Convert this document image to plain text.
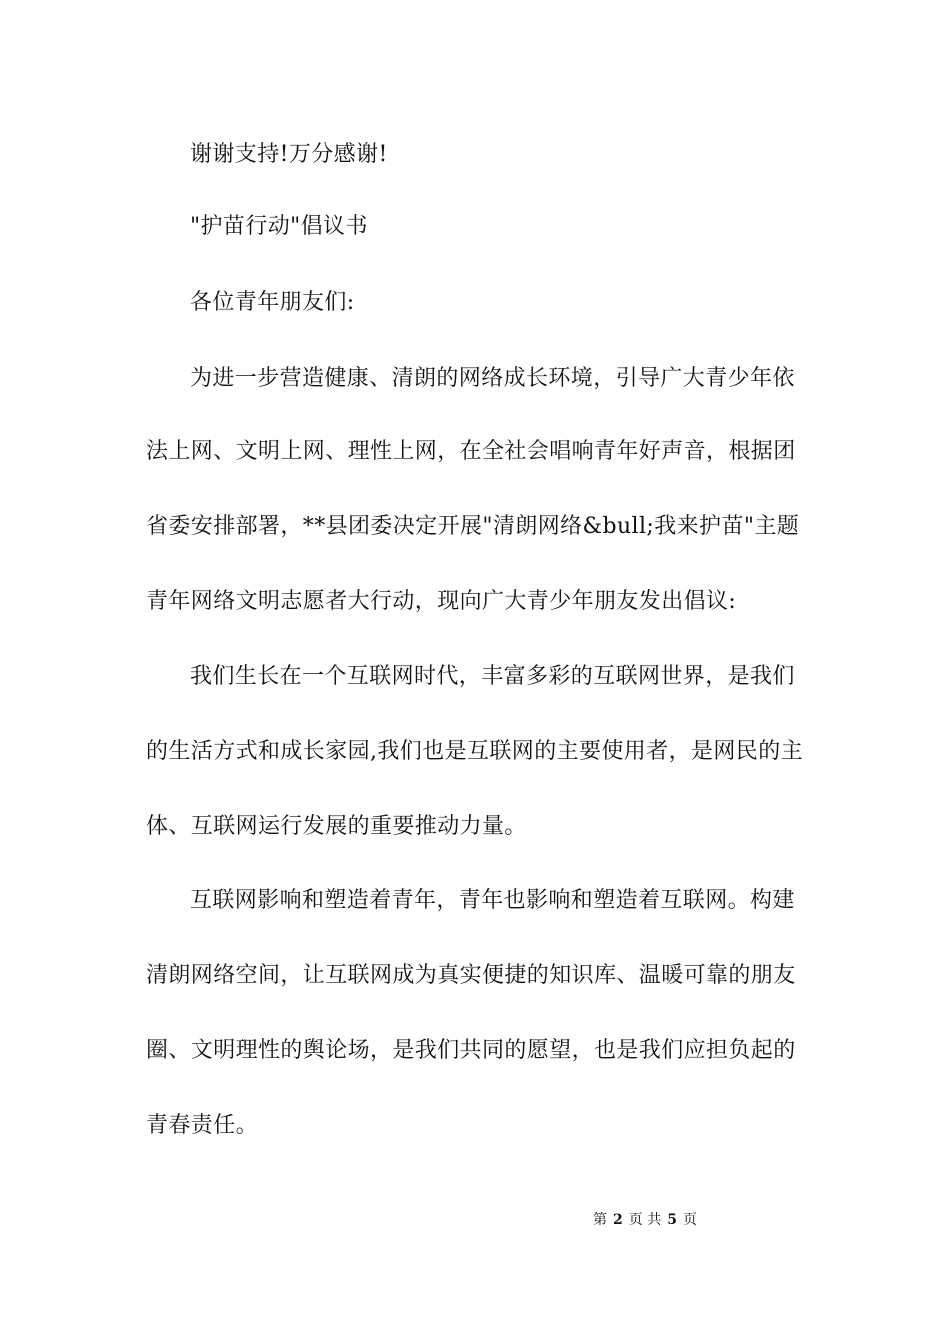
谢谢支持!万分感谢!
"护苗行动"倡议书
各位青年朋友们:
为进一步营造健康、清朗的网络成长环境，引导广大青少年依
法上网、文明上网、理性上网，在全社会唱响青年好声音，根据团
省委安排部署，**县团委决定开展"清朗网络&bull;我来护苗"主题
青年网络文明志愿者大行动，现向广大青少年朋友发出倡议:
我们生长在一个互联网时代，丰富多彩的互联网世界，是我们
的生活方式和成长家园,我们也是互联网的主要使用者，是网民的主
体、互联网运行发展的重要推动力量。
互联网影响和塑造着青年，青年也影响和塑造着互联网。构建
清朗网络空间，让互联网成为真实便捷的知识库、温暖可靠的朋友
圈、文明理性的舆论场，是我们共同的愿望，也是我们应担负起的
青春责任。
第 2 页 共 5 页
